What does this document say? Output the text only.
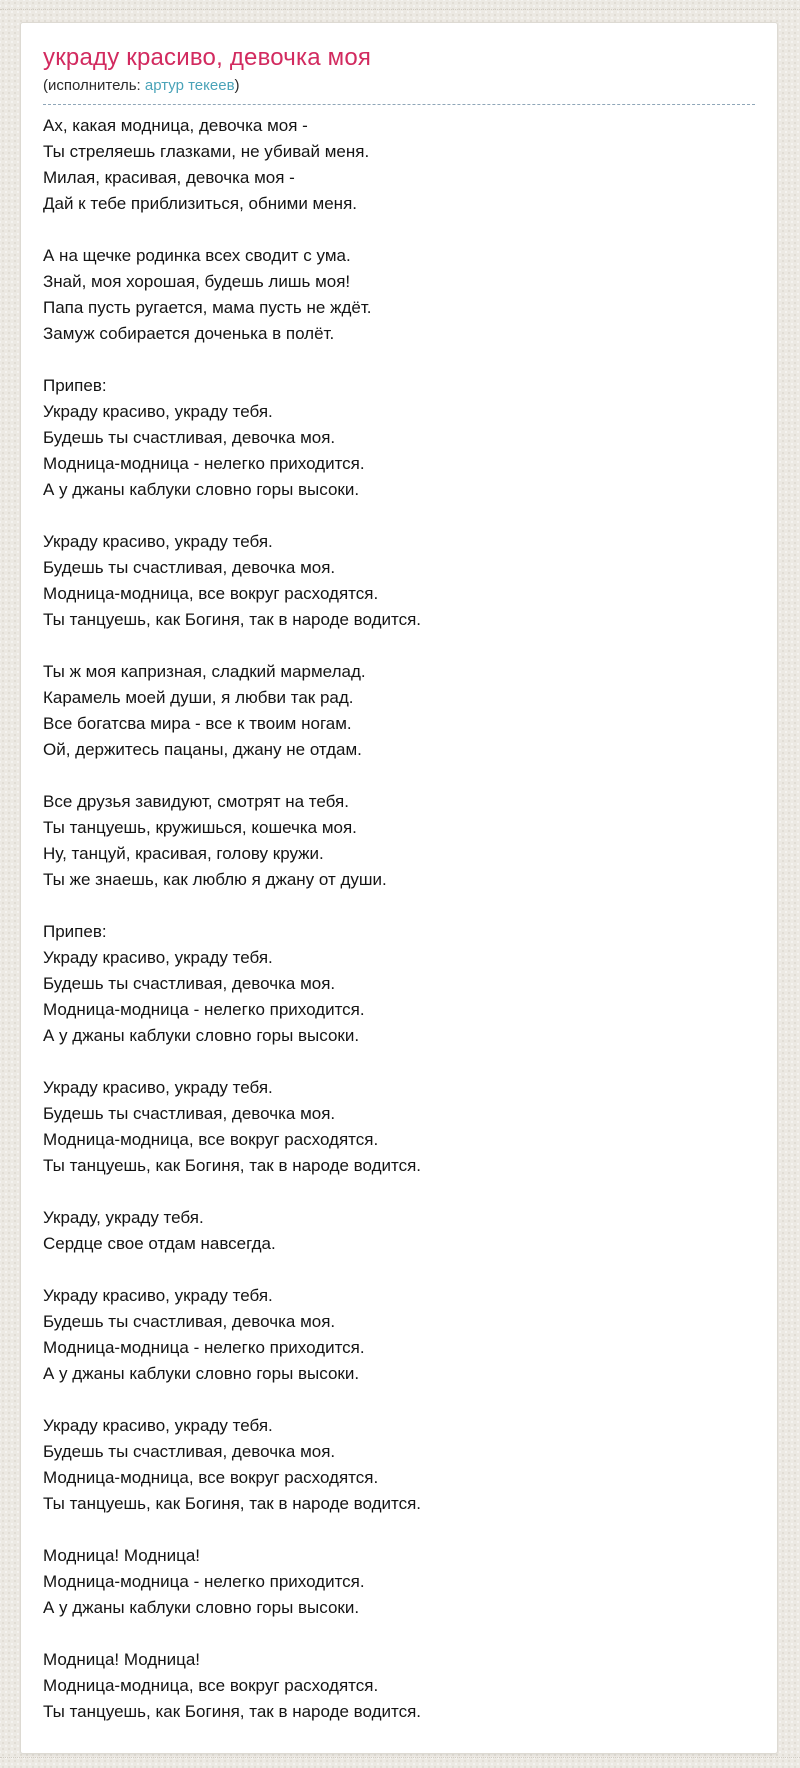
украду красиво, девочка моя
(исполнитель: артур текеев)
Ах, какая модница, девочка моя -
Ты стреляешь глазками, не убивай меня.
Милая, красивая, девочка моя -
Дай к тебе приблизиться, обними меня.
А на щечке родинка всех сводит с ума.
Знай, моя хорошая, будешь лишь моя!
Папа пусть ругается, мама пусть не ждёт.
Замуж собирается доченька в полёт.
Припев:
Украду красиво, украду тебя.
Будешь ты счастливая, девочка моя.
Модница-модница - нелегко приходится.
А у джаны каблуки словно горы высоки.
Украду красиво, украду тебя.
Будешь ты счастливая, девочка моя.
Модница-модница, все вокруг расходятся.
Ты танцуешь, как Богиня, так в народе водится.
Ты ж моя капризная, сладкий мармелад.
Карамель моей души, я любви так рад.
Все богатсва мира - все к твоим ногам.
Ой, держитесь пацаны, джану не отдам.
Все друзья завидуют, смотрят на тебя.
Ты танцуешь, кружишься, кошечка моя.
Ну, танцуй, красивая, голову кружи.
Ты же знаешь, как люблю я джану от души.
Припев:
Украду красиво, украду тебя.
Будешь ты счастливая, девочка моя.
Модница-модница - нелегко приходится.
А у джаны каблуки словно горы высоки.
Украду красиво, украду тебя.
Будешь ты счастливая, девочка моя.
Модница-модница, все вокруг расходятся.
Ты танцуешь, как Богиня, так в народе водится.
Украду, украду тебя.
Сердце свое отдам навсегда.
Украду красиво, украду тебя.
Будешь ты счастливая, девочка моя.
Модница-модница - нелегко приходится.
А у джаны каблуки словно горы высоки.
Украду красиво, украду тебя.
Будешь ты счастливая, девочка моя.
Модница-модница, все вокруг расходятся.
Ты танцуешь, как Богиня, так в народе водится.
Модница! Модница!
Модница-модница - нелегко приходится.
А у джаны каблуки словно горы высоки.
Модница! Модница!
Модница-модница, все вокруг расходятся.
Ты танцуешь, как Богиня, так в народе водится.
